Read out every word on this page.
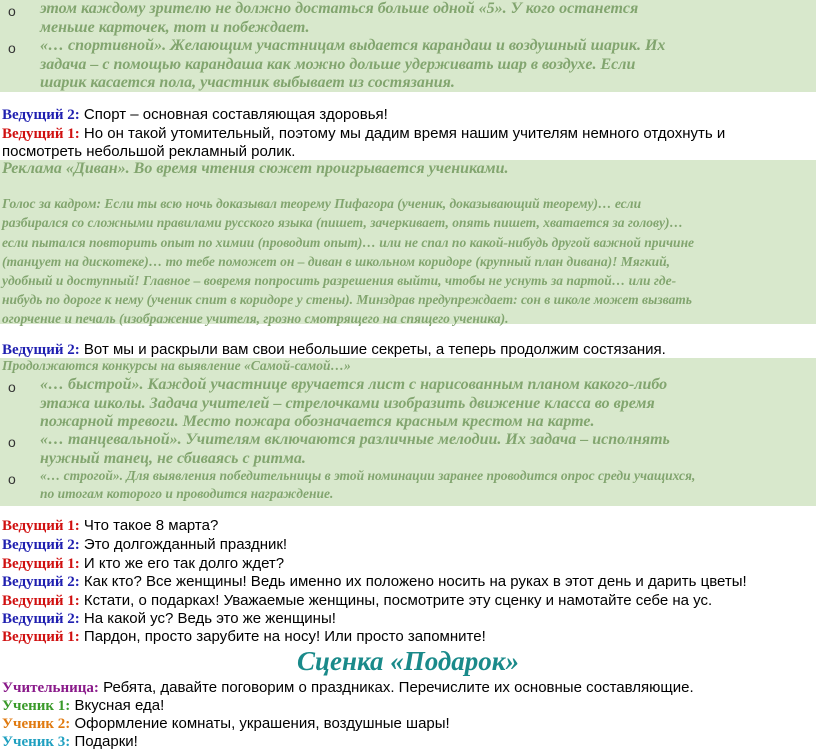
o этом каждому зрителю не должно достаться больше одной «5». У кого останется
меньше карточек, тот и побеждает.
o «… спортивной». Желающим участницам выдается карандаш и воздушный шарик. Их
задача – с помощью карандаша как можно дольше удерживать шар в воздухе. Если
шарик касается пола, участник выбывает из состязания.
Ведущий 2: Спорт – основная составляющая здоровья!
Ведущий 1: Но он такой утомительный, поэтому мы дадим время нашим учителям немного отдохнуть и
посмотреть небольшой рекламный ролик.
Реклама «Диван». Во время чтения сюжет проигрывается учениками.
Голос за кадром: Если ты всю ночь доказывал теорему Пифагора (ученик, доказывающий теорему)… если
разбирался со сложными правилами русского языка (пишет, зачеркивает, опять пишет, хватается за голову)…
если пытался повторить опыт по химии (проводит опыт)… или не спал по какой-нибудь другой важной причине
(танцует на дискотеке)… то тебе поможет он – диван в школьном коридоре (крупный план дивана)! Мягкий,
удобный и доступный! Главное – вовремя попросить разрешения выйти, чтобы не уснуть за партой… или где-
нибудь по дороге к нему (ученик спит в коридоре у стены). Минздрав предупреждает: сон в школе может вызвать
огорчение и печаль (изображение учителя, грозно смотрящего на спящего ученика).
Ведущий 2: Вот мы и раскрыли вам свои небольшие секреты, а теперь продолжим состязания.
Продолжаются конкурсы на выявление «Самой-самой…»
o «… быстрой». Каждой участнице вручается лист с нарисованным планом какого-либо
этажа школы. Задача учителей – стрелочками изобразить движение класса во время
пожарной тревоги. Место пожара обозначается красным крестом на карте.
o «… танцевальной». Учителям включаются различные мелодии. Их задача – исполнять
нужный танец, не сбиваясь с ритма.
o «… строгой». Для выявления победительницы в этой номинации заранее проводится опрос среди учащихся,
по итогам которого и проводится награждение.
Ведущий 1: Что такое 8 марта?
Ведущий 2: Это долгожданный праздник!
Ведущий 1: И кто же его так долго ждет?
Ведущий 2: Как кто? Все женщины! Ведь именно их положено носить на руках в этот день и дарить цветы!
Ведущий 1: Кстати, о подарках! Уважаемые женщины, посмотрите эту сценку и намотайте себе на ус.
Ведущий 2: На какой ус? Ведь это же женщины!
Ведущий 1: Пардон, просто зарубите на носу! Или просто запомните!
Сценка «Подарок»
Учительница: Ребята, давайте поговорим о праздниках. Перечислите их основные составляющие.
Ученик 1: Вкусная еда!
Ученик 2: Оформление комнаты, украшения, воздушные шары!
Ученик 3: Подарки!
